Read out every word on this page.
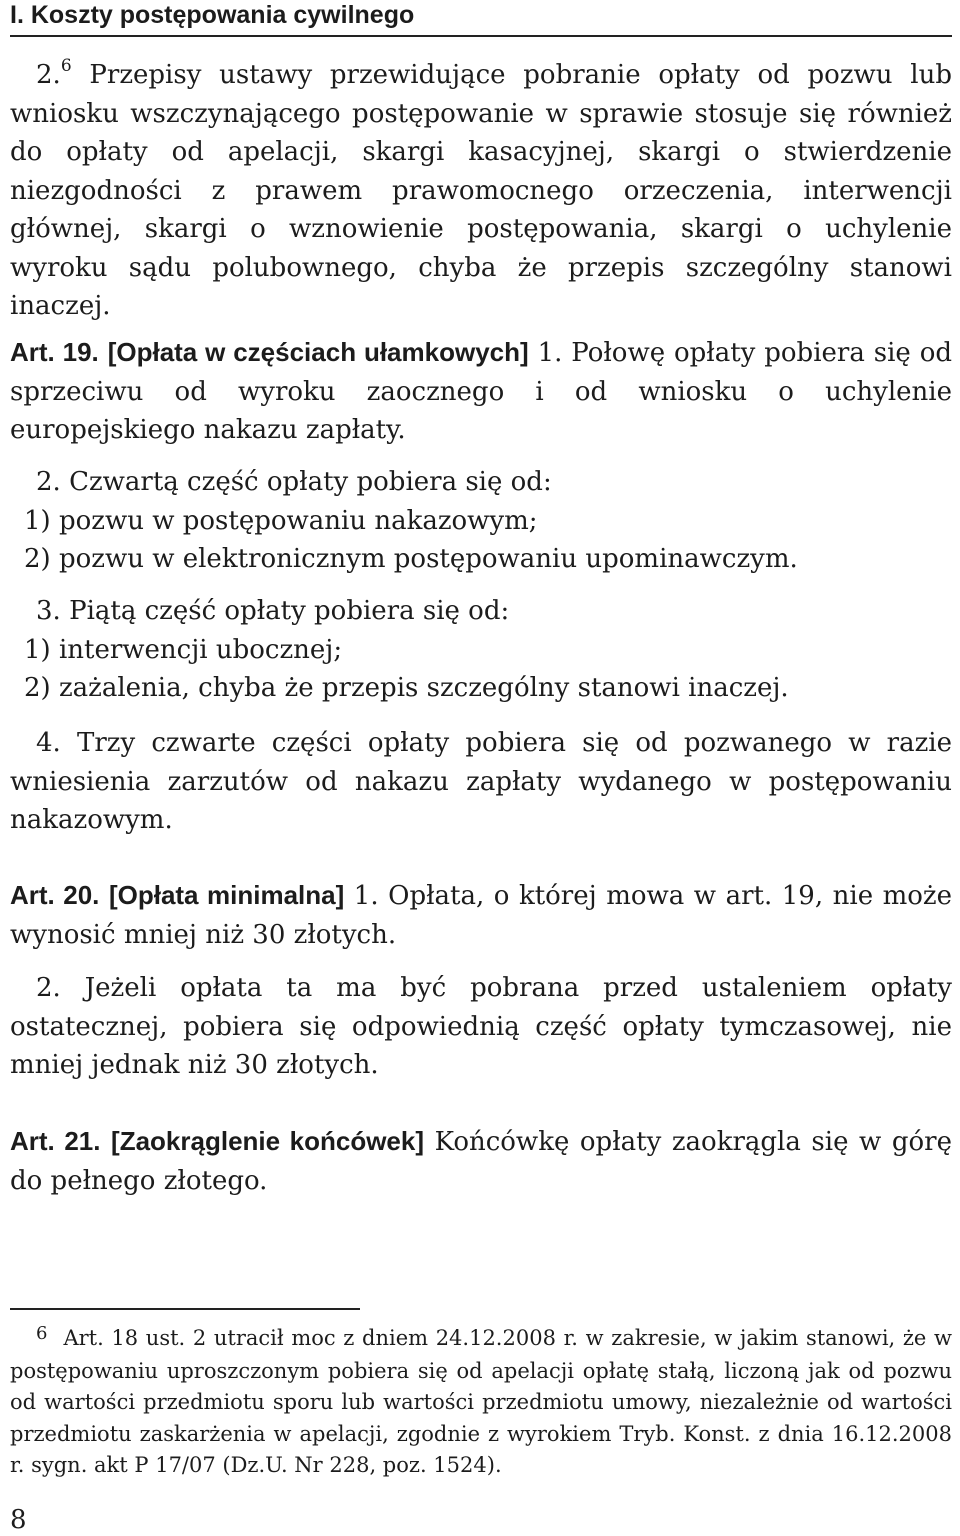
I. Koszty postępowania cywilnego

2.$^6$ Przepisy ustawy przewidujące pobranie opłaty od pozwu lub wniosku wszczynającego postępowanie w sprawie stosuje się również do opłaty od apelacji, skargi kasacyjnej, skargi o stwierdzenie niezgodności z prawem prawomocnego orzeczenia, interwencji głównej, skargi o wznowienie postępowania, skargi o uchylenie wyroku sądu polubownego, chyba że przepis szczególny stanowi inaczej.

Art. 19. [Opłata w częściach ułamkowych] 1. Połowę opłaty pobiera się od sprzeciwu od wyroku zaocznego i od wniosku o uchylenie europejskiego nakazu zapłaty.

2. Czwartą część opłaty pobiera się od:

1) pozwu w postępowaniu nakazowym;

2) pozwu w elektronicznym postępowaniu upominawczym.

3. Piątą część opłaty pobiera się od:

1) interwencji ubocznej;

2) zażalenia, chyba że przepis szczególny stanowi inaczej.

4. Trzy czwarte części opłaty pobiera się od pozwanego w razie wniesienia zarzutów od nakazu zapłaty wydanego w postępowaniu nakazowym.

Art. 20. [Opłata minimalna] 1. Opłata, o której mowa w art. 19, nie może wynosić mniej niż 30 złotych.

2. Jeżeli opłata ta ma być pobrana przed ustaleniem opłaty ostatecznej, pobiera się odpowiednią część opłaty tymczasowej, nie mniej jednak niż 30 złotych.

Art. 21. [Zaokrąglenie końcówek] Końcówkę opłaty zaokrągla się w górę do pełnego złotego.

6 Art. 18 ust. 2 utracił moc z dniem 24.12.2008 r. w zakresie, w jakim stanowi, że w postępowaniu uproszczonym pobiera się od apelacji opłatę stałą, liczoną jak od pozwu od wartości przedmiotu sporu lub wartości przedmiotu umowy, niezależnie od wartości przedmiotu zaskarżenia w apelacji, zgodnie z wyrokiem Tryb. Konst. z dnia 16.12.2008 r. sygn. akt P 17/07 (Dz.U. Nr 228, poz. 1524).
8
